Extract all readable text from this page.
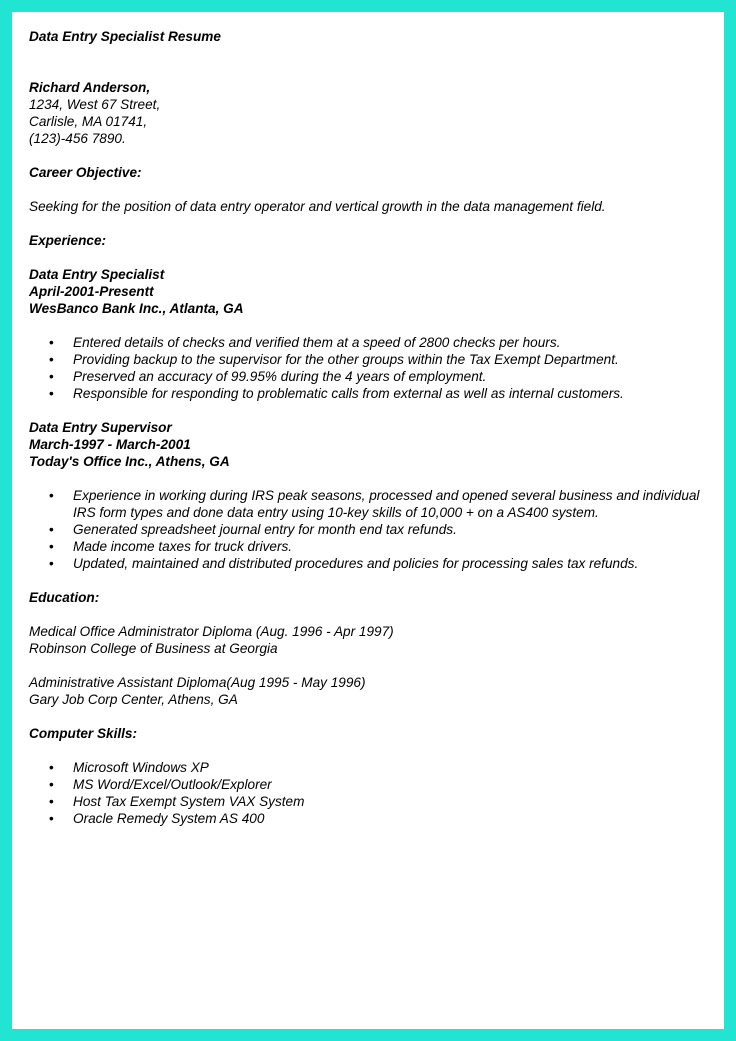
Data Entry Specialist Resume
Richard Anderson,
1234, West 67 Street,
Carlisle, MA 01741,
(123)-456 7890.
Career Objective:
Seeking for the position of data entry operator and vertical growth in the data management field.
Experience:
Data Entry Specialist
April-2001-Presentt
WesBanco Bank Inc., Atlanta, GA
• Entered details of checks and verified them at a speed of 2800 checks per hours.
• Providing backup to the supervisor for the other groups within the Tax Exempt Department.
• Preserved an accuracy of 99.95% during the 4 years of employment.
• Responsible for responding to problematic calls from external as well as internal customers.
Data Entry Supervisor
March-1997 - March-2001
Today's Office Inc., Athens, GA
• Experience in working during IRS peak seasons, processed and opened several business and individual IRS form types and done data entry using 10-key skills of 10,000 + on a AS400 system.
• Generated spreadsheet journal entry for month end tax refunds.
• Made income taxes for truck drivers.
• Updated, maintained and distributed procedures and policies for processing sales tax refunds.
Education:
Medical Office Administrator Diploma (Aug. 1996 - Apr 1997)
Robinson College of Business at Georgia
Administrative Assistant Diploma(Aug 1995 - May 1996)
Gary Job Corp Center, Athens, GA
Computer Skills:
• Microsoft Windows XP
• MS Word/Excel/Outlook/Explorer
• Host Tax Exempt System VAX System
• Oracle Remedy System AS 400
